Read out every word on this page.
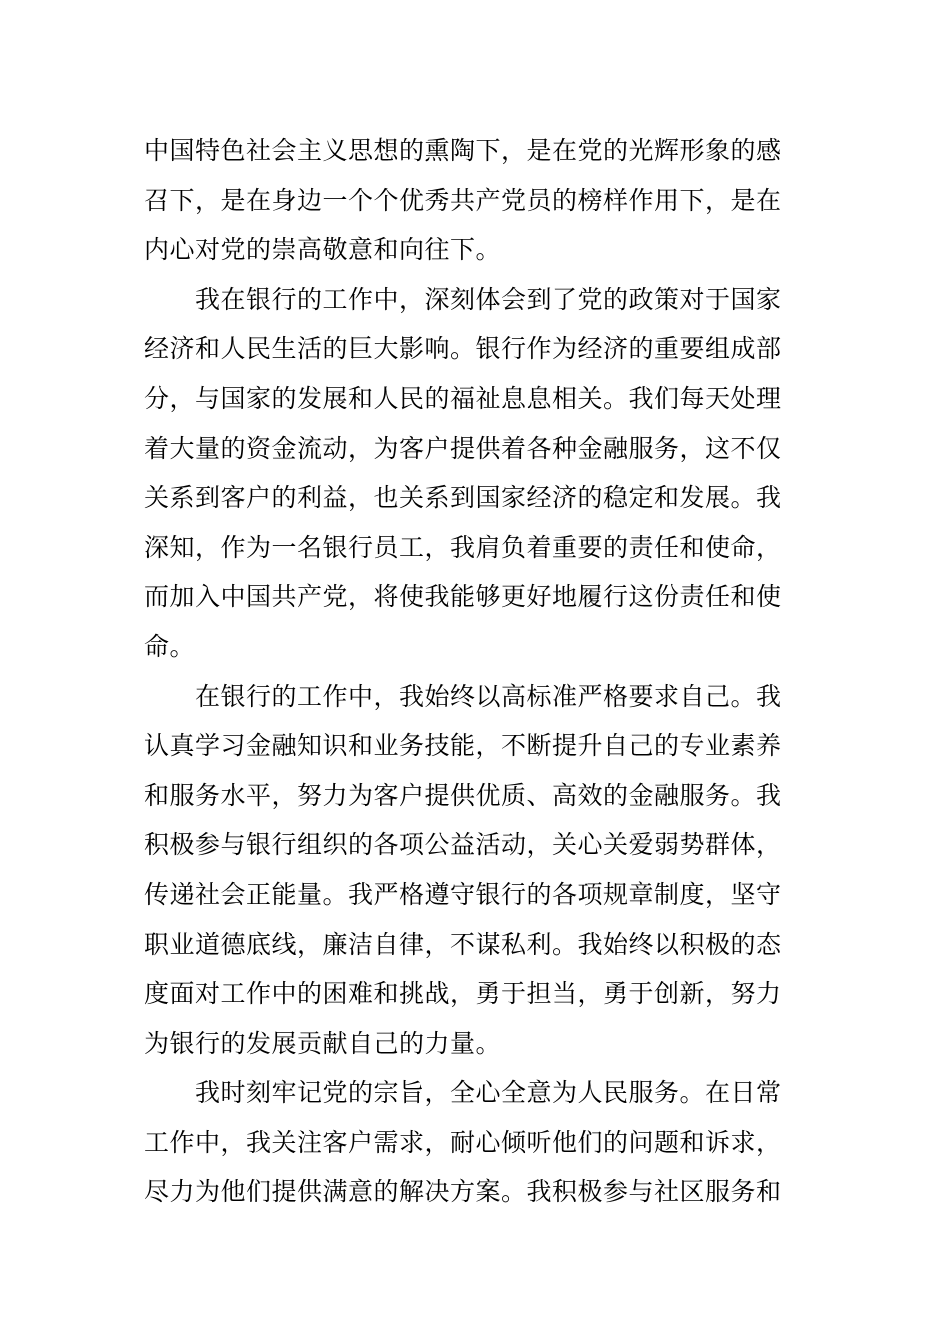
中国特色社会主义思想的熏陶下，是在党的光辉形象的感
召下，是在身边一个个优秀共产党员的榜样作用下，是在
内心对党的崇高敬意和向往下。
我在银行的工作中，深刻体会到了党的政策对于国家
经济和人民生活的巨大影响。银行作为经济的重要组成部
分，与国家的发展和人民的福祉息息相关。我们每天处理
着大量的资金流动，为客户提供着各种金融服务，这不仅
关系到客户的利益，也关系到国家经济的稳定和发展。我
深知，作为一名银行员工，我肩负着重要的责任和使命，
而加入中国共产党，将使我能够更好地履行这份责任和使
命。
在银行的工作中，我始终以高标准严格要求自己。我
认真学习金融知识和业务技能，不断提升自己的专业素养
和服务水平，努力为客户提供优质、高效的金融服务。我
积极参与银行组织的各项公益活动，关心关爱弱势群体，
传递社会正能量。我严格遵守银行的各项规章制度，坚守
职业道德底线，廉洁自律，不谋私利。我始终以积极的态
度面对工作中的困难和挑战，勇于担当，勇于创新，努力
为银行的发展贡献自己的力量。
我时刻牢记党的宗旨，全心全意为人民服务。在日常
工作中，我关注客户需求，耐心倾听他们的问题和诉求，
尽力为他们提供满意的解决方案。我积极参与社区服务和
